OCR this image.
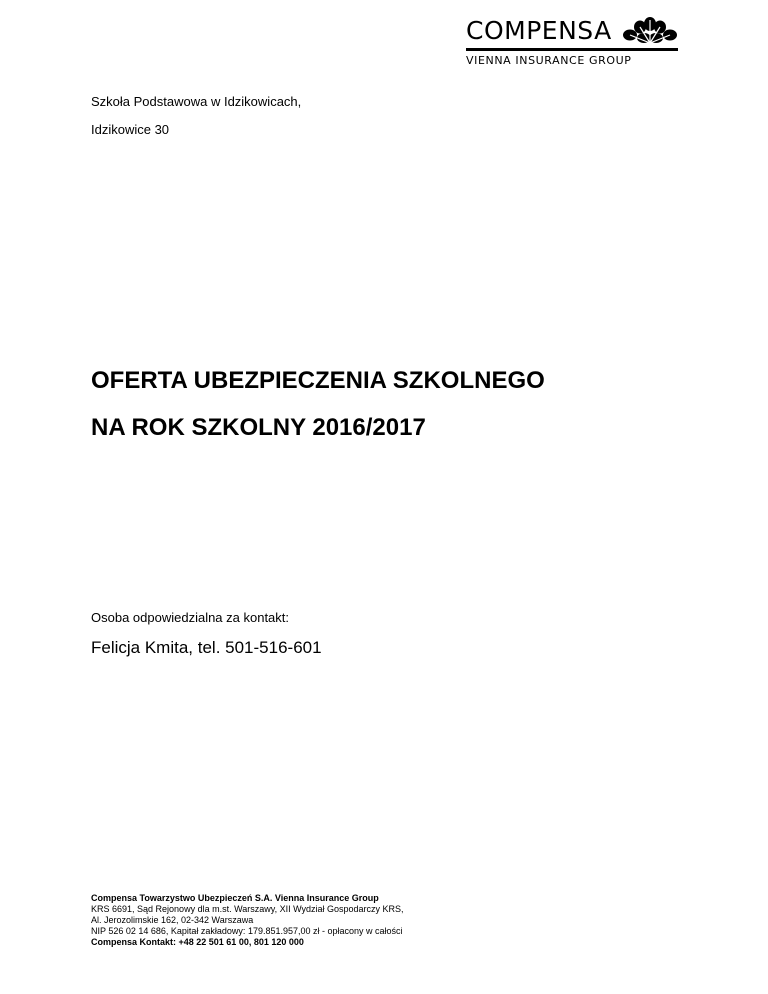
COMPENSA
VIENNA INSURANCE GROUP
Szkoła Podstawowa w Idzikowicach,
Idzikowice 30
OFERTA UBEZPIECZENIA SZKOLNEGO
NA ROK SZKOLNY 2016/2017
Osoba odpowiedzialna za kontakt:
Felicja Kmita, tel. 501-516-601
Compensa Towarzystwo Ubezpieczeń S.A. Vienna Insurance Group
KRS 6691, Sąd Rejonowy dla m.st. Warszawy, XII Wydział Gospodarczy KRS,
Al. Jerozolimskie 162, 02-342 Warszawa
NIP 526 02 14 686, Kapitał zakładowy: 179.851.957,00 zł - opłacony w całości
Compensa Kontakt: +48 22 501 61 00, 801 120 000
